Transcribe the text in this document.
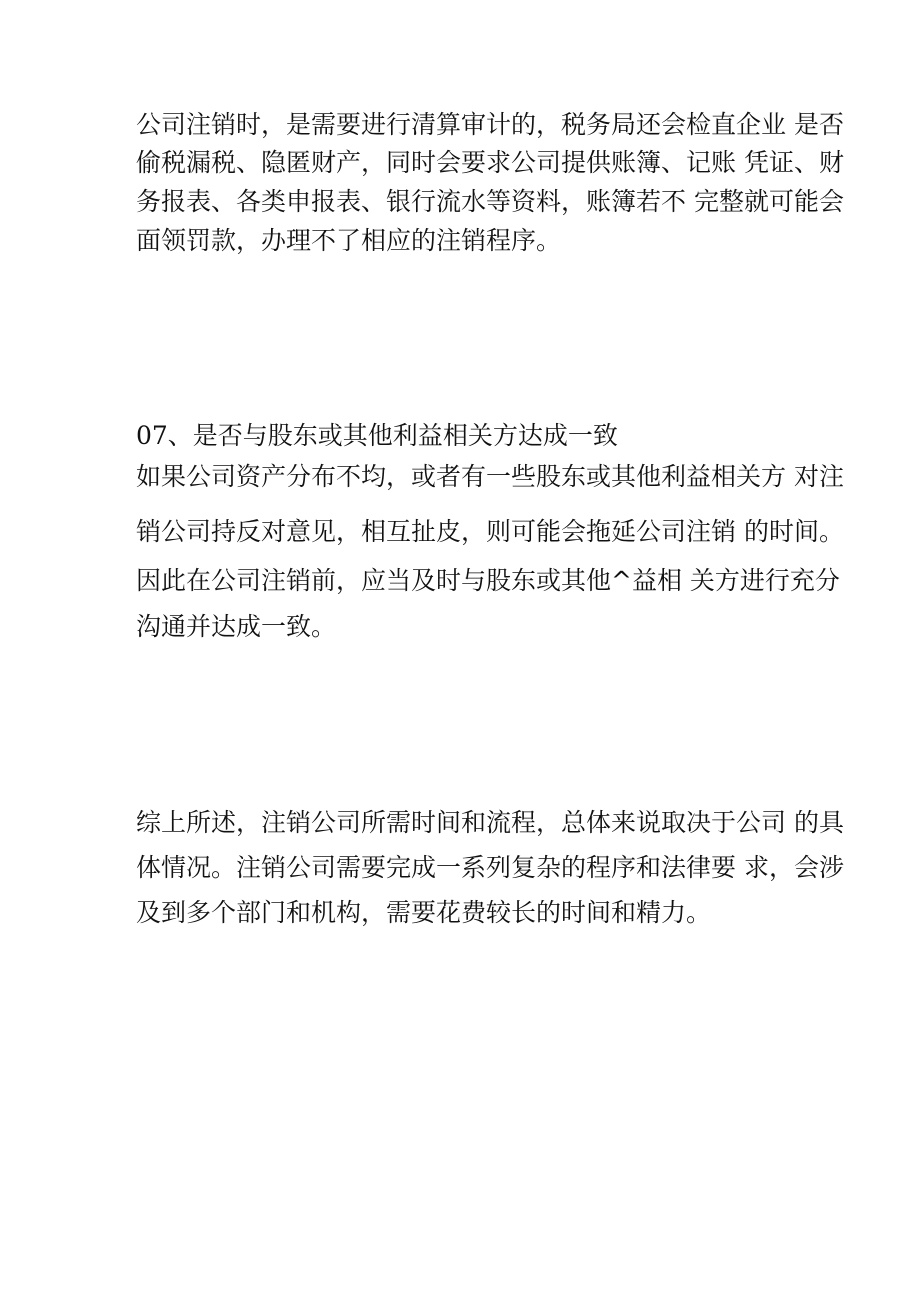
公司注销时，是需要进行清算审计的，税务局还会检直企业 是否
偷税漏税、隐匿财产，同时会要求公司提供账簿、记账 凭证、财
务报表、各类申报表、银行流水等资料，账簿若不 完整就可能会
面领罚款，办理不了相应的注销程序。
07、是否与股东或其他利益相关方达成一致
如果公司资产分布不均，或者有一些股东或其他利益相关方 对注
销公司持反对意见，相互扯皮，则可能会拖延公司注销 的时间。
因此在公司注销前，应当及时与股东或其他^益相 关方进行充分
沟通并达成一致。
综上所述，注销公司所需时间和流程，总体来说取决于公司 的具
体情况。注销公司需要完成一系列复杂的程序和法律要 求，会涉
及到多个部门和机构，需要花费较长的时间和精力。
